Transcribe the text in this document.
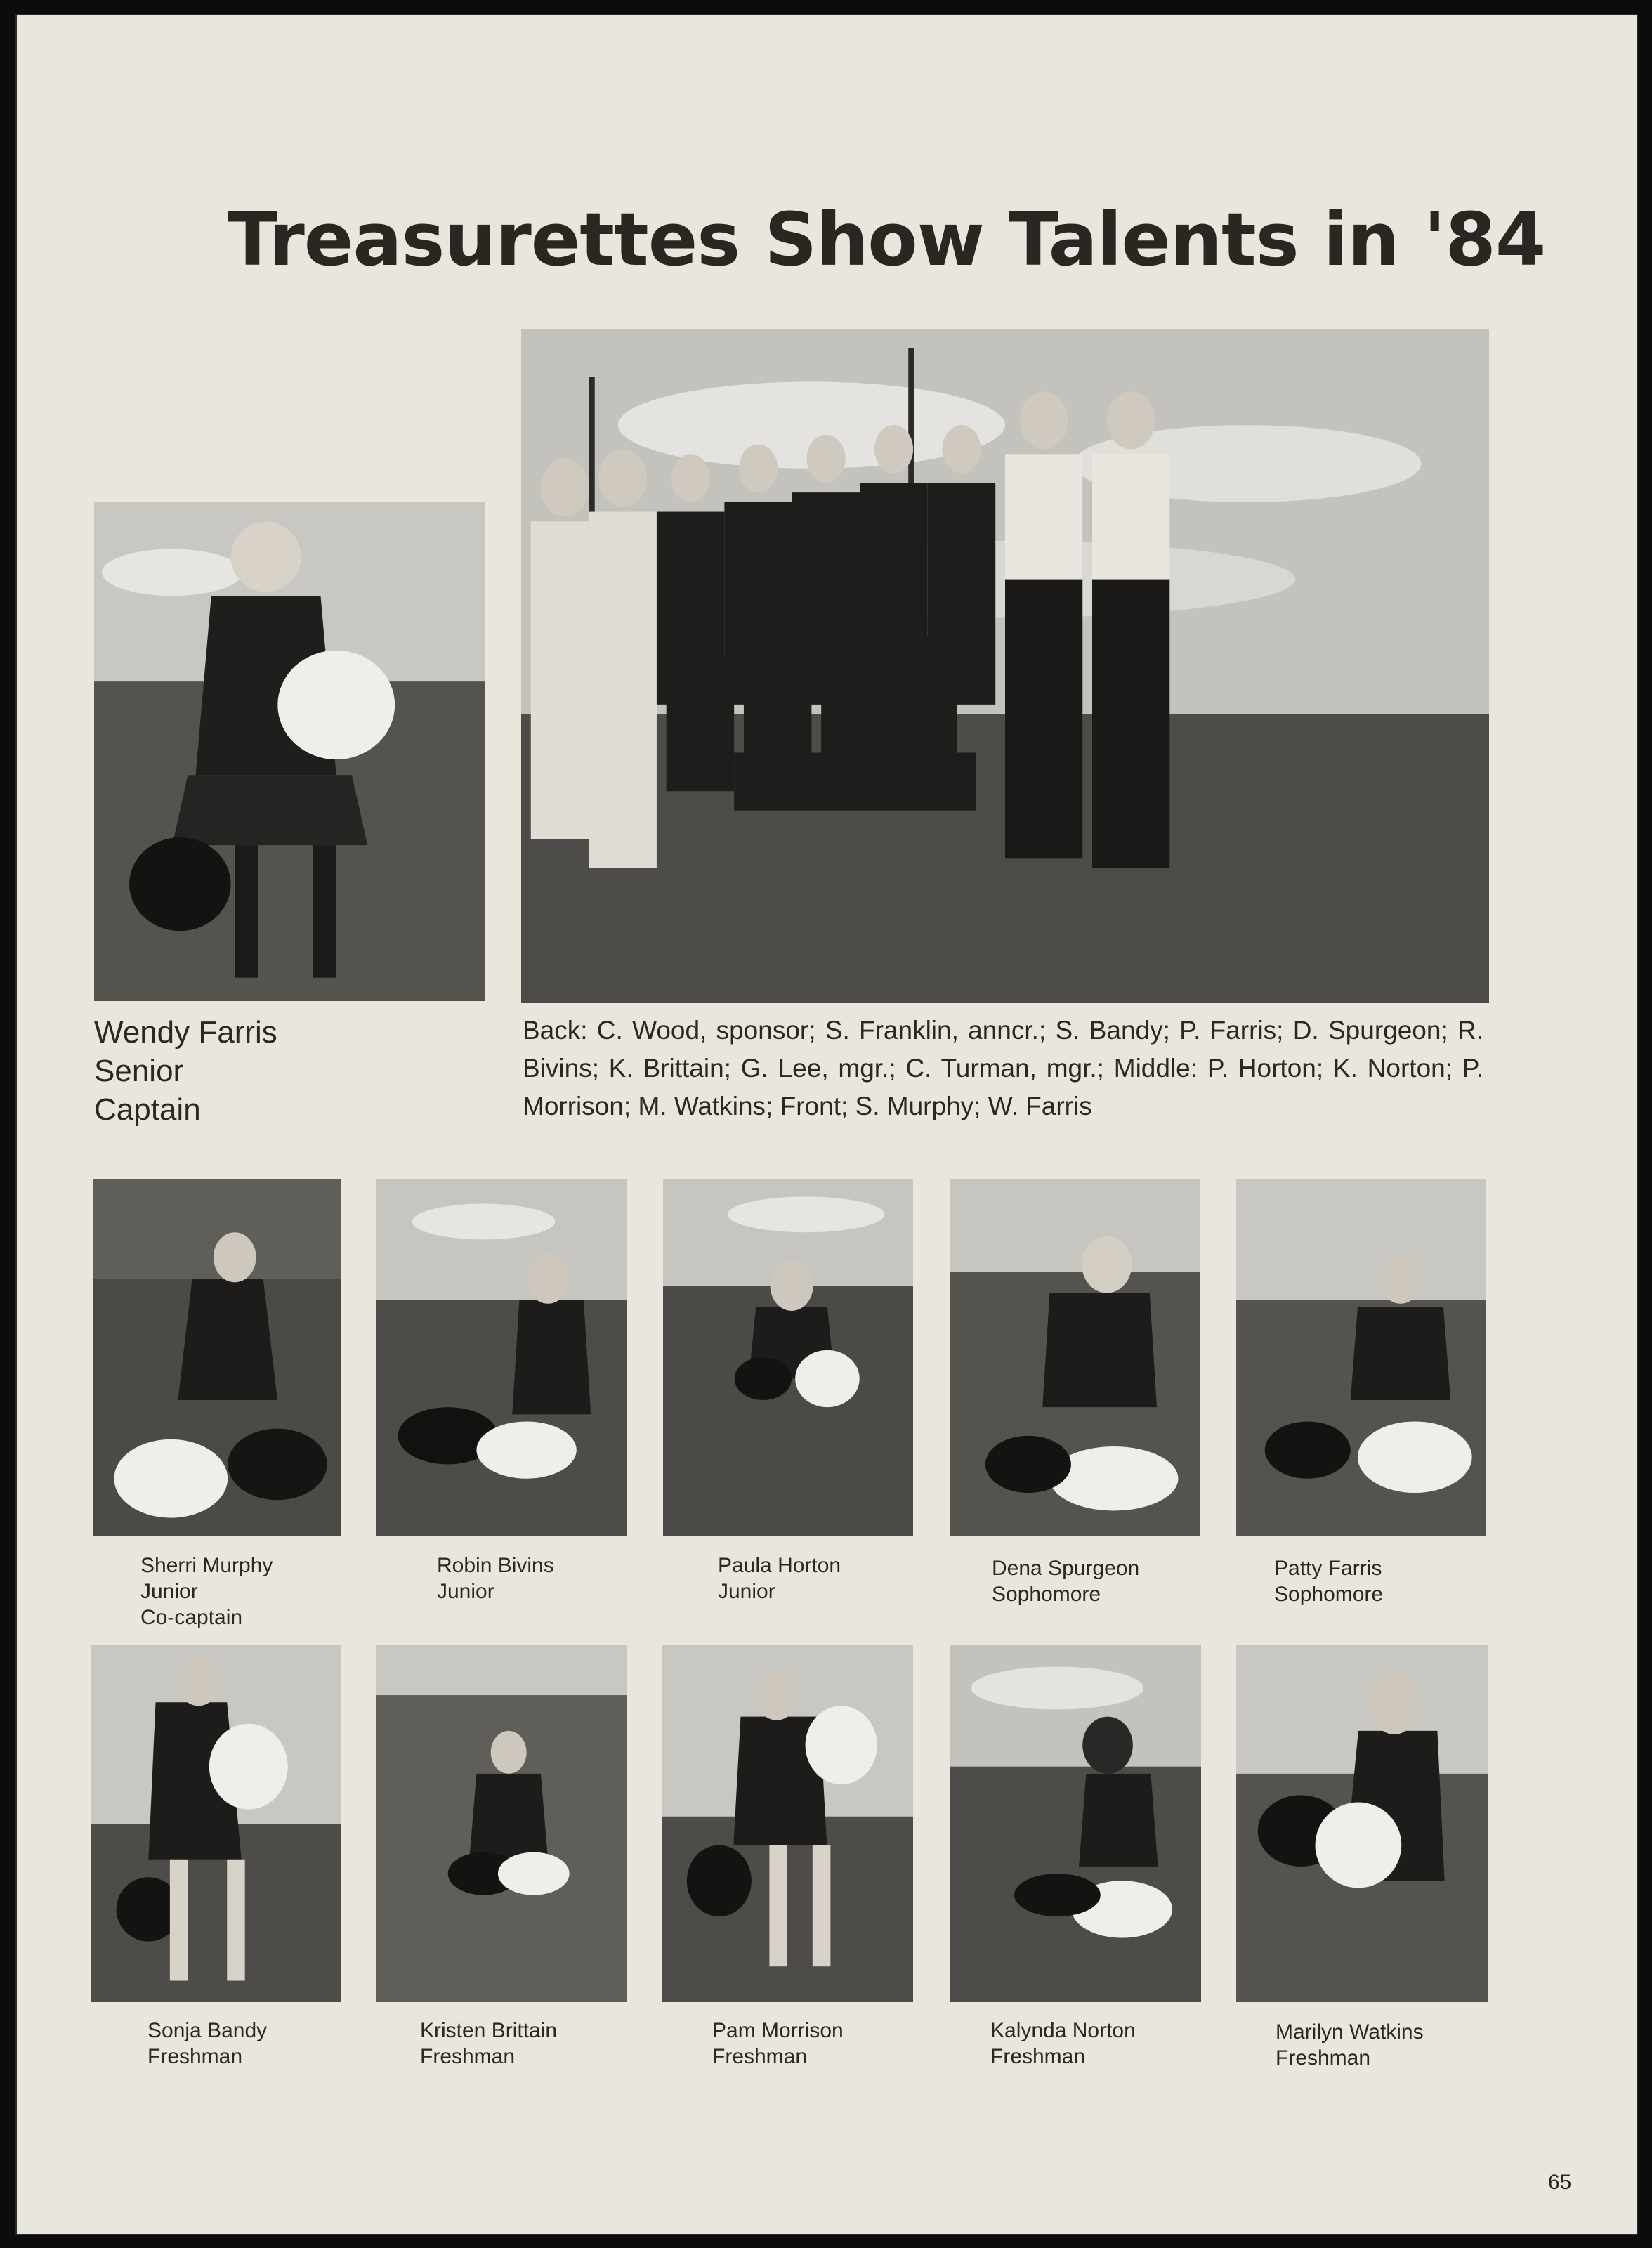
Treasurettes Show Talents in '84
Wendy Farris
Senior
Captain
Back: C. Wood, sponsor; S. Franklin, anncr.; S. Bandy; P. Farris; D. Spurgeon; R. Bivins; K. Brittain; G. Lee, mgr.; C. Turman, mgr.; Middle: P. Horton; K. Norton; P. Morrison; M. Watkins; Front; S. Murphy; W. Farris
Sherri Murphy
Junior
Co-captain
Robin Bivins
Junior
Paula Horton
Junior
Dena Spurgeon
Sophomore
Patty Farris
Sophomore
Sonja Bandy
Freshman
Kristen Brittain
Freshman
Pam Morrison
Freshman
Kalynda Norton
Freshman
Marilyn Watkins
Freshman
65
